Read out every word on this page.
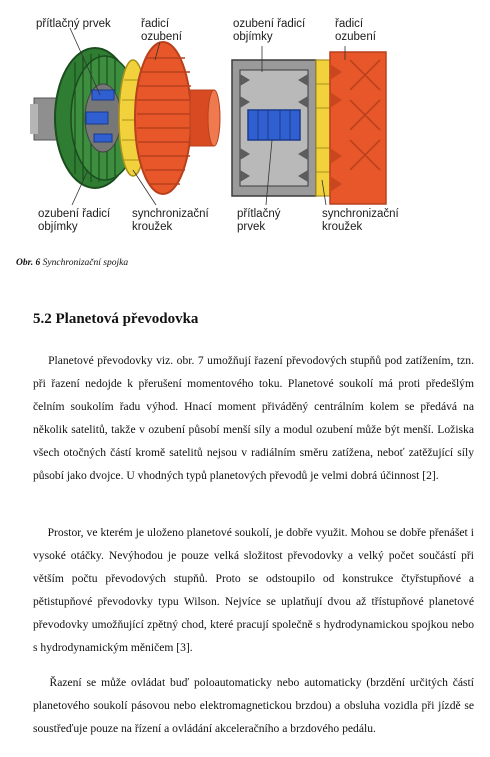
přítlačný prvek	řadicí
ozubení
ozubení řadicí
objímky
synchronizační
kroužek
ozubení řadicí
objímky
řadicí
ozubení
přítlačný
prvek
synchronizační
kroužek
Obr. 6 Synchronizační spojka
5.2 Planetová převodovka

  Planetové převodovky viz. obr. 7 umožňují řazení převodových stupňů pod zatížením, tzn. při řazení nedojde k přerušení momentového toku. Planetové soukolí má proti předešlým čelním soukolím řadu výhod. Hnací moment přiváděný centrálním kolem se předává na několik satelitů, takže v ozubení působí menší síly a modul ozubení může být menší. Ložiska všech otočných částí kromě satelitů nejsou v radiálním směru zatížena, neboť zatěžující síly působí jako dvojce. U vhodných typů planetových převodů je velmi dobrá účinnost [2].

  Prostor, ve kterém je uloženo planetové soukolí, je dobře využit. Mohou se dobře přenášet i vysoké otáčky. Nevýhodou je pouze velká složitost převodovky a velký počet součástí při větším počtu převodových stupňů. Proto se odstoupilo od konstrukce čtyřstupňové a pětistupňové převodovky typu Wilson. Nejvíce se uplatňují dvou až třístupňové planetové převodovky umožňující zpětný chod, které pracují společně s hydrodynamickou spojkou nebo s hydrodynamickým měničem [3].

  Řazení se může ovládat buď poloautomaticky nebo automaticky (brzdění určitých částí planetového soukolí pásovou nebo elektromagnetickou brzdou) a obsluha vozidla při jízdě se soustřeďuje pouze na řízení a ovládání akceleračního a brzdového pedálu.
